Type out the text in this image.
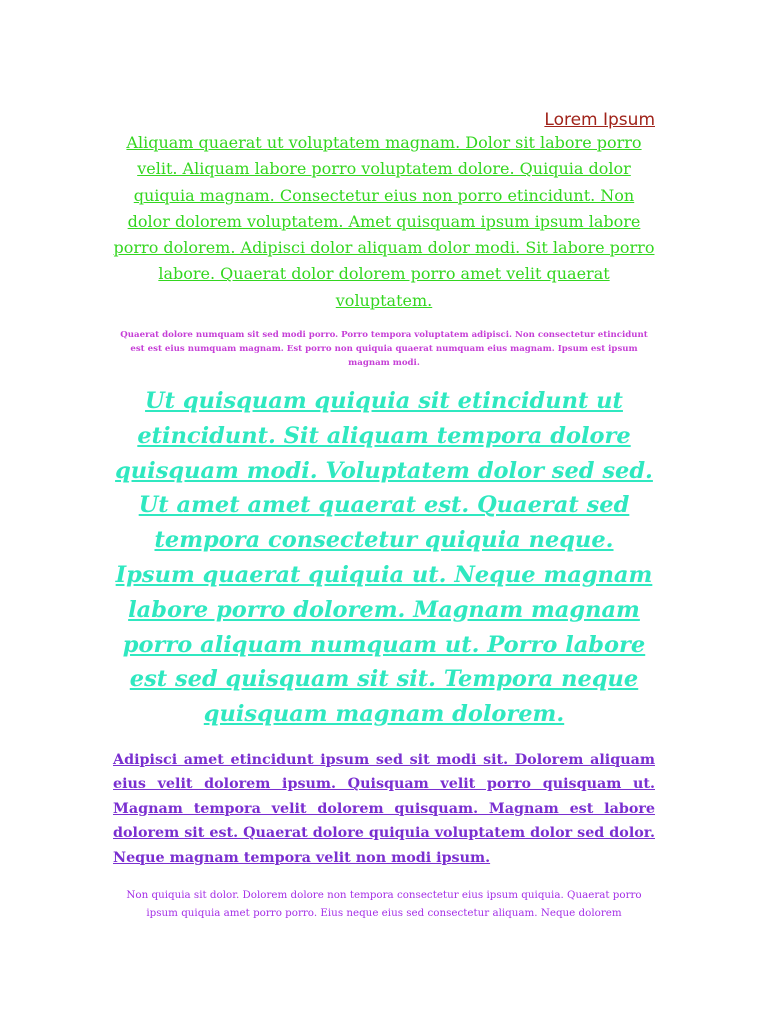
Lorem Ipsum

Aliquam quaerat ut voluptatem magnam. Dolor sit labore porro velit. Aliquam labore porro voluptatem dolore. Quiquia dolor quiquia magnam. Consectetur eius non porro etincidunt. Non dolor dolorem voluptatem. Amet quisquam ipsum ipsum labore porro dolorem. Adipisci dolor aliquam dolor modi. Sit labore porro labore. Quaerat dolor dolorem porro amet velit quaerat voluptatem.

Quaerat dolore numquam sit sed modi porro. Porro tempora voluptatem adipisci. Non consectetur etincidunt est est eius numquam magnam. Est porro non quiquia quaerat numquam eius magnam. Ipsum est ipsum magnam modi.

Ut quisquam quiquia sit etincidunt ut etincidunt. Sit aliquam tempora dolore quisquam modi. Voluptatem dolor sed sed. Ut amet amet quaerat est. Quaerat sed tempora consectetur quiquia neque. Ipsum quaerat quiquia ut. Neque magnam labore porro dolorem. Magnam magnam porro aliquam numquam ut. Porro labore est sed quisquam sit sit. Tempora neque quisquam magnam dolorem.

Adipisci amet etincidunt ipsum sed sit modi sit. Dolorem aliquam eius velit dolorem ipsum. Quisquam velit porro quisquam ut. Magnam tempora velit dolorem quisquam. Magnam est labore dolorem sit est. Quaerat dolore quiquia voluptatem dolor sed dolor. Neque magnam tempora velit non modi ipsum.

Non quiquia sit dolor. Dolorem dolore non tempora consectetur eius ipsum quiquia. Quaerat porro ipsum quiquia amet porro porro. Eius neque eius sed consectetur aliquam. Neque dolorem
